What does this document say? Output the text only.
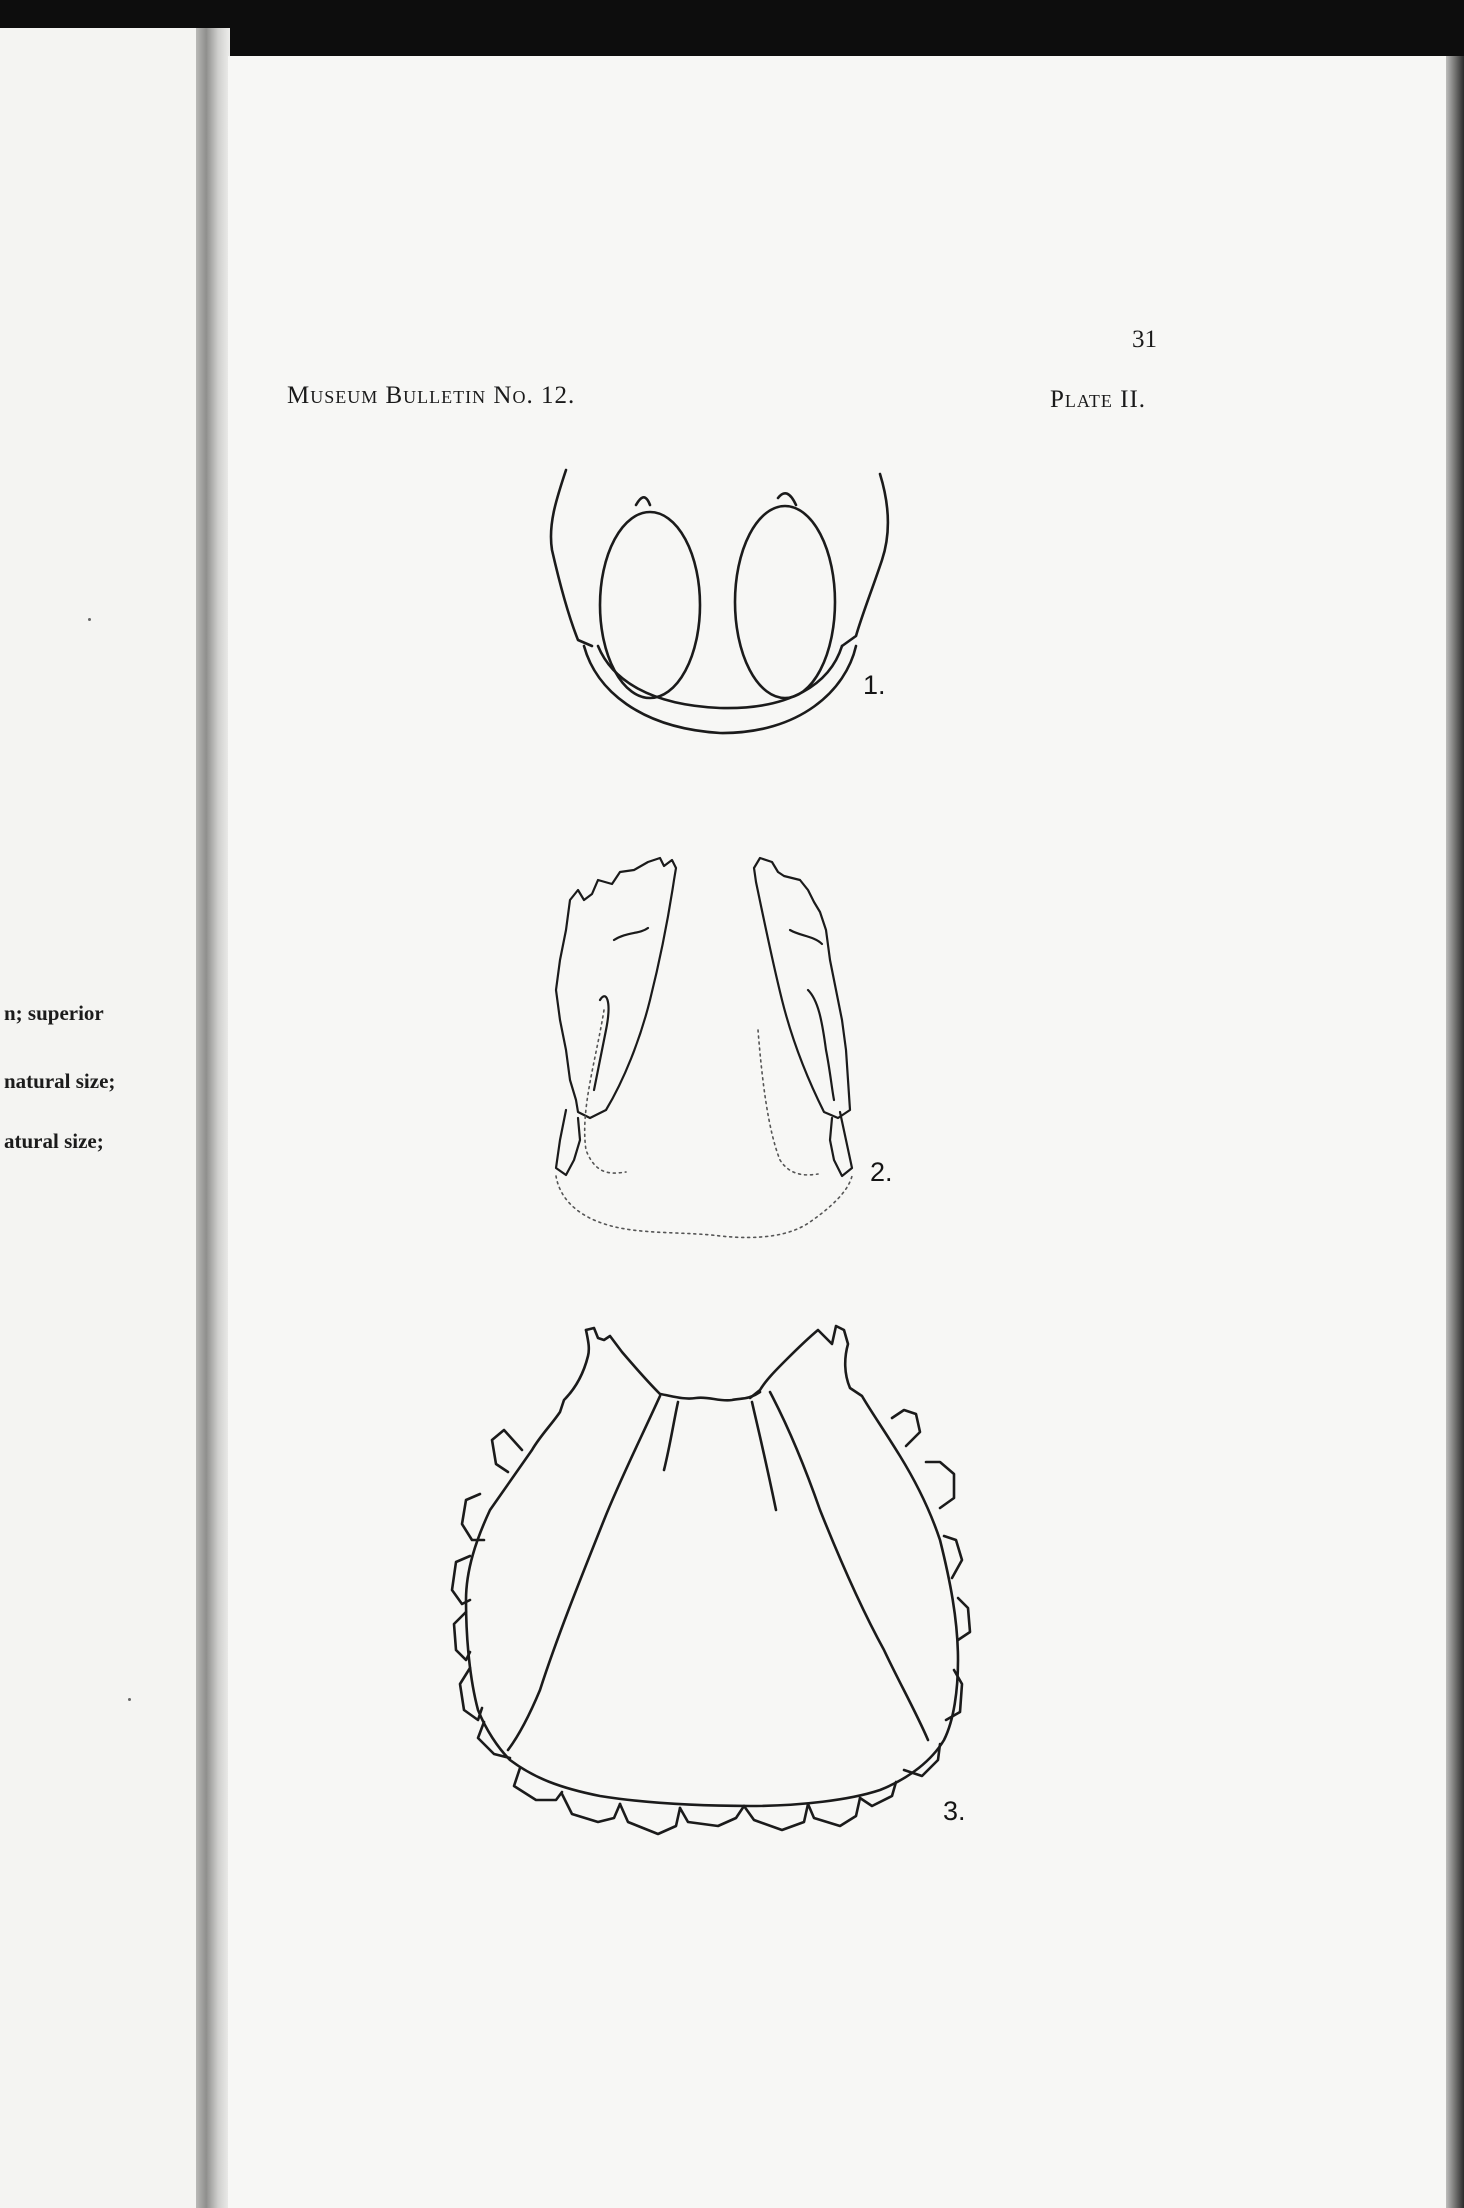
n; superior
natural size;
atural size;
31
Museum Bulletin No. 12.	Plate II.
1.
2.
3.
